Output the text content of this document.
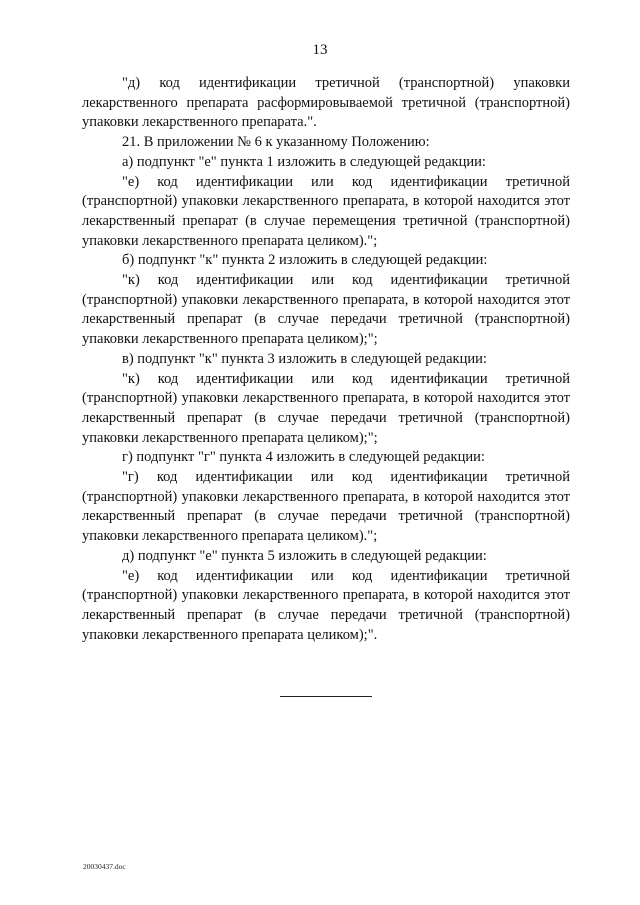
13

"д) код идентификации третичной (транспортной) упаковки лекарственного препарата расформировываемой третичной (транспортной) упаковки лекарственного препарата.".

21. В приложении № 6 к указанному Положению:

а) подпункт "е" пункта 1 изложить в следующей редакции:

"е) код идентификации или код идентификации третичной (транспортной) упаковки лекарственного препарата, в которой находится этот лекарственный препарат (в случае перемещения третичной (транспортной) упаковки лекарственного препарата целиком).";

б) подпункт "к" пункта 2 изложить в следующей редакции:

"к) код идентификации или код идентификации третичной (транспортной) упаковки лекарственного препарата, в которой находится этот лекарственный препарат (в случае передачи третичной (транспортной) упаковки лекарственного препарата целиком);";

в) подпункт "к" пункта 3 изложить в следующей редакции:

"к) код идентификации или код идентификации третичной (транспортной) упаковки лекарственного препарата, в которой находится этот лекарственный препарат (в случае передачи третичной (транспортной) упаковки лекарственного препарата целиком);";

г) подпункт "г" пункта 4 изложить в следующей редакции:

"г) код идентификации или код идентификации третичной (транспортной) упаковки лекарственного препарата, в которой находится этот лекарственный препарат (в случае передачи третичной (транспортной) упаковки лекарственного препарата целиком).";

д) подпункт "е" пункта 5 изложить в следующей редакции:

"е) код идентификации или код идентификации третичной (транспортной) упаковки лекарственного препарата, в которой находится этот лекарственный препарат (в случае передачи третичной (транспортной) упаковки лекарственного препарата целиком);".

20030437.doc
